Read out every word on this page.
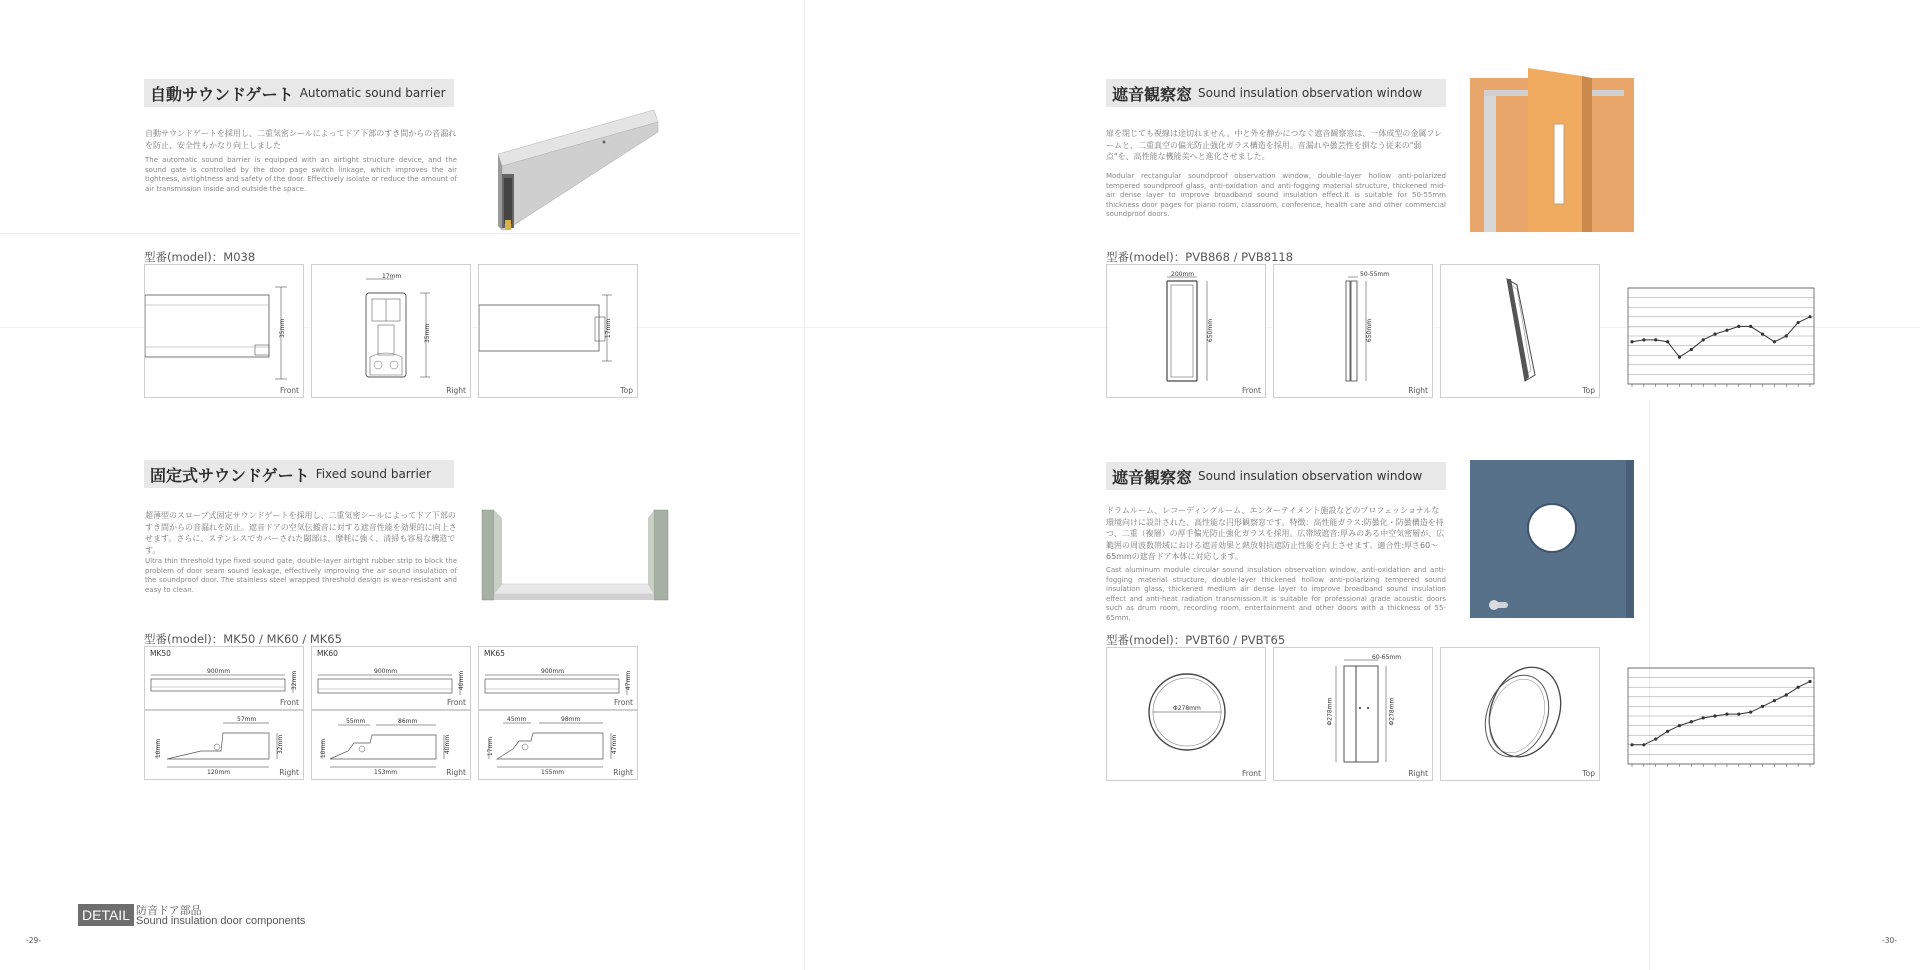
自動サウンドゲート Automatic sound barrier
自動サウンドゲートを採用し、二重気密シールによってドア下部のすき間からの音漏れを防止、安全性もかなり向上しました
The automatic sound barrier is equipped with an airtight structure device, and the sound gate is controlled by the door page switch linkage, which improves the air tightness, airtightness and safety of the door. Effectively isolate or reduce the amount of air transmission inside and outside the space.
型番(model)：M038
35mm
Front
17mm
35mm
Right
17mm
Top
固定式サウンドゲート Fixed sound barrier
超薄型のスロープ式固定サウンドゲートを採用し、二重気密シールによってドア下部のすき間からの音漏れを防止。遮音ドアの空気伝搬音に対する遮音性能を効果的に向上させます。さらに、ステンレスでカバーされた閾部は、摩耗に強く、清掃も容易な構造です。
Ultra thin threshold type fixed sound gate, double-layer airtight rubber strip to block the problem of door seam sound leakage, effectively improving the air sound insulation of the soundproof door. The stainless steel wrapped threshold design is wear-resistant and easy to clean.
型番(model)：MK50 / MK60 / MK65
MK50
900mm	32mm
Front
MK60
900mm	40mm
Front
MK65
900mm	47mm
Front
57mm
120mm
10mm	32mm
Right
55mm	86mm
153mm
10mm	40mm
Right
45mm	98mm
155mm
17mm	47mm
Right
遮音観察窓 Sound insulation observation window
扉を閉じても視線は途切れません。中と外を静かにつなぐ遮音観察窓は、一体成型の金属フレームと、二重真空の偏光防止強化ガラス構造を採用。音漏れや曇芸性を損なう従来の"弱点"を、高性能な機能美へと進化させました。
Modular rectangular soundproof observation window, double-layer hollow anti-polarized tempered soundproof glass, anti-oxidation and anti-fogging material structure, thickened mid-air dense layer to improve broadband sound insulation effect.It is suitable for 50-55mm thickness door pages for piano room, classroom, conference, health care and other commercial soundproof doors.
型番(model)：PVB868 / PVB8118
200mm
650mm
Front
50-55mm
650mm
Right	Top
遮音観察窓 Sound insulation observation window
ドラムルーム、レコーディングルーム、エンターテイメント施設などのプロフェッショナルな環境向けに設計された、高性能な円形観察窓です。特徴：高性能ガラス:防曇化・防曇構造を持つ、二重（複層）の厚手偏光防止強化ガラスを採用。広帯域遮音:厚みのある中空気密層が、広範囲の周波数帯域における遮音効果と熱放射抗遮防止性能を向上させます。適合性:厚さ60〜65mmの遮音ドア本体に対応します。
Cast aluminum module circular sound insulation observation window, anti-oxidation and anti-fogging material structure, double-layer thickened hollow anti-polarizing tempered sound insulation glass, thickened medium air dense layer to improve broadband sound insulation effect and anti-heat radiation transmission.It is suitable for professional grade acoustic doors such as drum room, recording room, entertainment and other doors with a thickness of 55-65mm.
型番(model)：PVBT60 / PVBT65
Φ278mm
Front
60-65mm
Φ278mm	Φ278mm
Right	Top
DETAIL 防音ドア部品
Sound insulation door components
-29-	-30-
